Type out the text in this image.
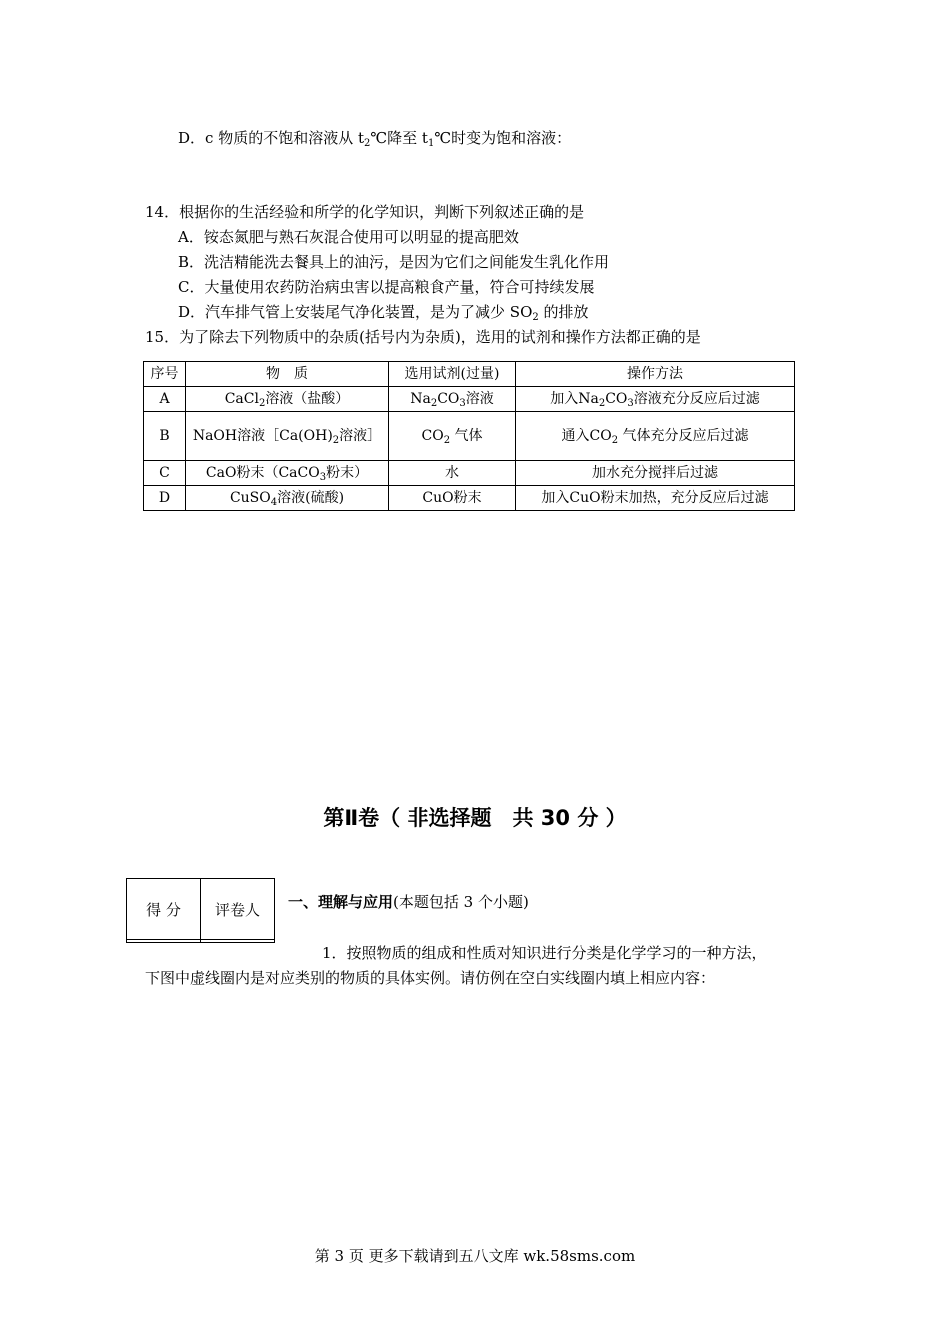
D．c 物质的不饱和溶液从 $t_2℃$降至 $t_1℃$时变为饱和溶液：
14．根据你的生活经验和所学的化学知识，判断下列叙述正确的是
A．铵态氮肥与熟石灰混合使用可以明显的提高肥效
B．洗洁精能洗去餐具上的油污，是因为它们之间能发生乳化作用
C．大量使用农药防治病虫害以提高粮食产量，符合可持续发展
D．汽车排气管上安装尾气净化装置，是为了减少 $SO_2$ 的排放
15．为了除去下列物质中的杂质(括号内为杂质)，选用的试剂和操作方法都正确的是
序号	物　质	选用试剂(过量)	操作方法
A	CaCl$_2$溶液（盐酸）	$Na_2CO_3$溶液	加入$Na_2CO_3$溶液充分反应后过滤
B	NaOH溶液$[Ca(OH)_2$溶液］	$CO_2$ 气体	通入$CO_2$ 气体充分反应后过滤
C	CaO粉末（CaCO$_3$粉末）	水	加水充分搅拌后过滤
D	CuSO$_4$溶液(硫酸)	CuO粉末	加入CuO粉末加热，充分反应后过滤
第Ⅱ卷（ 非选择题　共 30 分 ）
得 分	评卷人
	一、理解与应用(本题包括 3 个小题)
1．按照物质的组成和性质对知识进行分类是化学学习的一种方法，
下图中虚线圈内是对应类别的物质的具体实例。请仿例在空白实线圈内填上相应内容：
第 3 页 更多下载请到五八文库 wk.58sms.com
